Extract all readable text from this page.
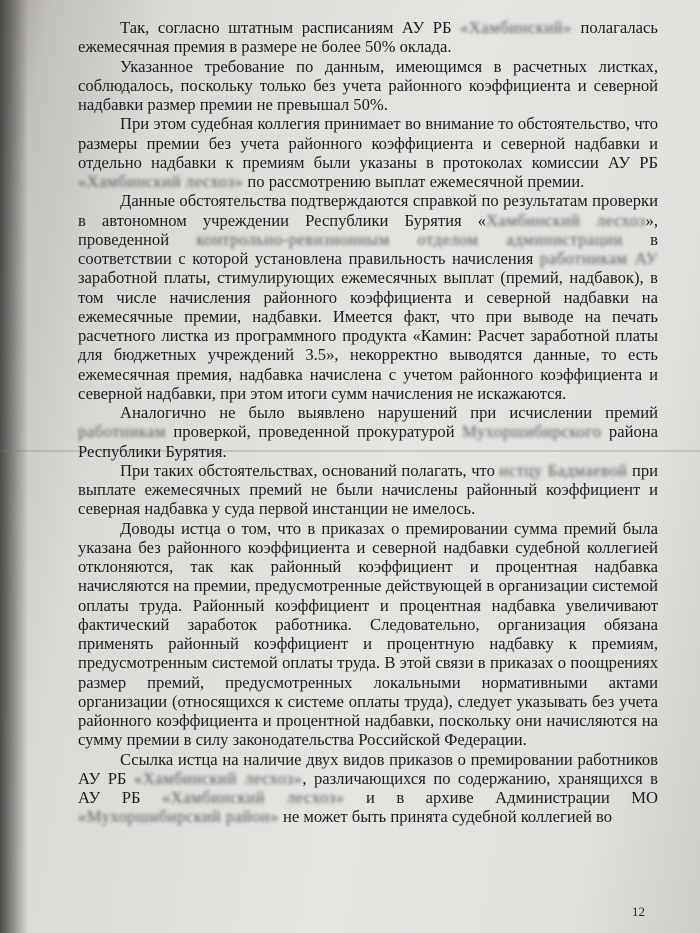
Так, согласно штатным расписаниям АУ РБ «Хамбинский» полагалась ежемесячная премия в размере не более 50% оклада.

Указанное требование по данным, имеющимся в расчетных листках, соблюдалось, поскольку только без учета районного коэффициента и северной надбавки размер премии не превышал 50%.

При этом судебная коллегия принимает во внимание то обстоятельство, что размеры премии без учета районного коэффициента и северной надбавки и отдельно надбавки к премиям были указаны в протоколах комиссии АУ РБ «Хамбинский лесхоз» по рассмотрению выплат ежемесячной премии.

Данные обстоятельства подтверждаются справкой по результатам проверки в автономном учреждении Республики Бурятия «Хамбинский лесхоз», проведенной контрольно-ревизионным отделом администрации в соответствии с которой установлена правильность начисления работникам АУ заработной платы, стимулирующих ежемесячных выплат (премий, надбавок), в том числе начисления районного коэффициента и северной надбавки на ежемесячные премии, надбавки. Имеется факт, что при выводе на печать расчетного листка из программного продукта «Камин: Расчет заработной платы для бюджетных учреждений 3.5», некорректно выводятся данные, то есть ежемесячная премия, надбавка начислена с учетом районного коэффициента и северной надбавки, при этом итоги сумм начисления не искажаются.

Аналогично не было выявлено нарушений при исчислении премий работникам проверкой, проведенной прокуратурой Мухоршибирского района Республики Бурятия.

При таких обстоятельствах, оснований полагать, что истцу Бадмаевой при выплате ежемесячных премий не были начислены районный коэффициент и северная надбавка у суда первой инстанции не имелось.

Доводы истца о том, что в приказах о премировании сумма премий была указана без районного коэффициента и северной надбавки судебной коллегией отклоняются, так как районный коэффициент и процентная надбавка начисляются на премии, предусмотренные действующей в организации системой оплаты труда. Районный коэффициент и процентная надбавка увеличивают фактический заработок работника. Следовательно, организация обязана применять районный коэффициент и процентную надбавку к премиям, предусмотренным системой оплаты труда. В этой связи в приказах о поощрениях размер премий, предусмотренных локальными нормативными актами организации (относящихся к системе оплаты труда), следует указывать без учета районного коэффициента и процентной надбавки, поскольку они начисляются на сумму премии в силу законодательства Российской Федерации.

Ссылка истца на наличие двух видов приказов о премировании работников АУ РБ «Хамбинский лесхоз», различающихся по содержанию, хранящихся в АУ РБ «Хамбинский лесхоз» и в архиве Администрации МО «Мухоршибирский район» не может быть принята судебной коллегией во

12
